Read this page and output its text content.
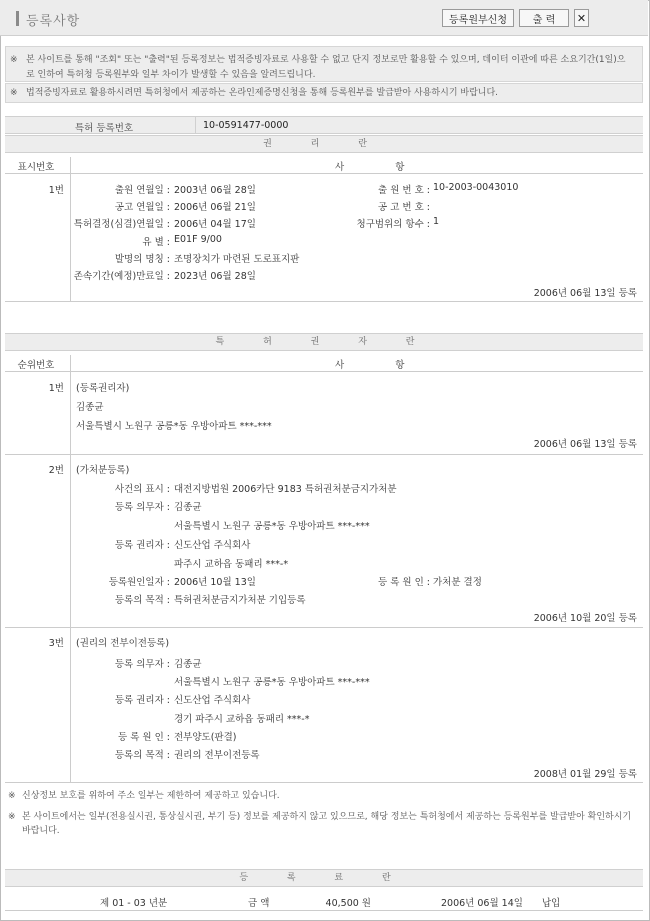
등록사항	등록원부신청	출 력	✕
※ 본 사이트를 통해 "조회" 또는 "출력"된 등록정보는 법적증빙자료로 사용할 수 없고 단지 정보로만 활용할 수 있으며, 데이터 이관에 따른 소요기간(1일)으로 인하여 특허청 등록원부와 일부 차이가 발생할 수 있음을 알려드립니다.
※ 법적증빙자료로 활용하시려면 특허청에서 제공하는 온라인제증명신청을 통해 등록원부를 발급받아 사용하시기 바랍니다.
특허 등록번호	10-0591477-0000
권 리 란
표시번호	사 항
1번	출원 연월일 : 2003년 06월 28일	출 원 번 호 : 10-2003-0043010
공고 연월일 : 2006년 06월 21일	공 고 번 호 :
특허결정(심결)연월일 : 2006년 04월 17일	청구범위의 항수 : 1
유 별 : E01F 9/00
발명의 명칭 : 조명장치가 마련된 도로표지판
존속기간(예정)만료일 : 2023년 06월 28일
2006년 06월 13일 등록
특 허 권 자 란
순위번호	사 항
1번 (등록권리자)
김종균
서울특별시 노원구 공릉*동 우방아파트 ***-***
2006년 06월 13일 등록
2번 (가처분등록)
사건의 표시 : 대전지방법원 2006카단 9183 특허권처분금지가처분
등록 의무자 : 김종균
서울특별시 노원구 공릉*동 우방아파트 ***-***
등록 권리자 : 신도산업 주식회사
파주시 교하읍 동패리 ***-*
등록원인일자 : 2006년 10월 13일	등 록 원 인 : 가처분 결정
등록의 목적 : 특허권처분금지가처분 기입등록
2006년 10월 20일 등록
3번 (권리의 전부이전등록)
등록 의무자 : 김종균
서울특별시 노원구 공릉*동 우방아파트 ***-***
등록 권리자 : 신도산업 주식회사
경기 파주시 교하읍 동패리 ***-*
등 록 원 인 : 전부양도(판결)
등록의 목적 : 권리의 전부이전등록
2008년 01월 29일 등록
※ 신상정보 보호를 위하여 주소 일부는 제한하여 제공하고 있습니다.
※ 본 사이트에서는 일부(전용실시권, 통상실시권, 부기 등) 정보를 제공하지 않고 있으므로, 해당 정보는 특허청에서 제공하는 등록원부를 발급받아 확인하시기 바랍니다.
등 록 료 란
제 01 - 03 년분	금 액	40,500 원	2006년 06월 14일 납입
